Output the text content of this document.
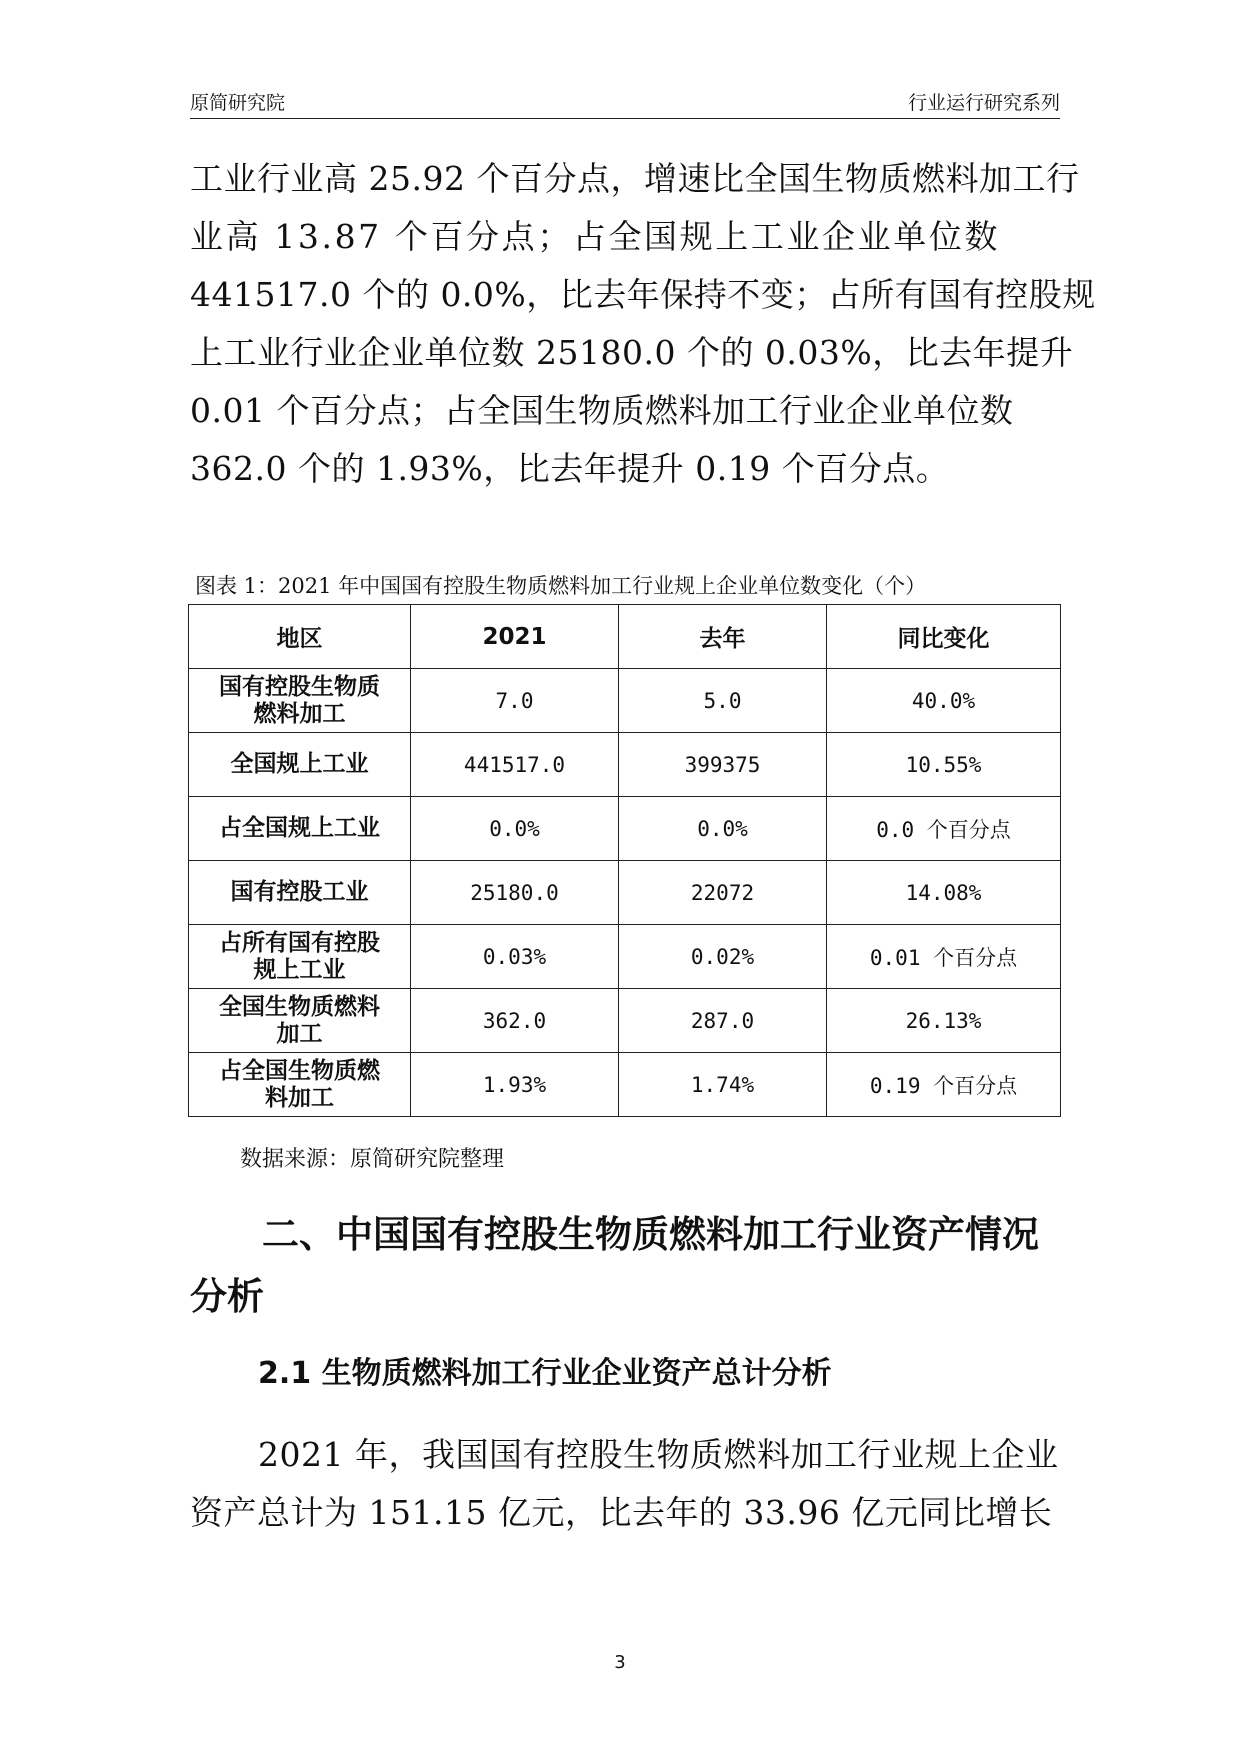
原简研究院	行业运行研究系列
工业行业高 25.92 个百分点，增速比全国生物质燃料加工行
业高 13.87 个百分点；占全国规上工业企业单位数
441517.0 个的 0.0%，比去年保持不变；占所有国有控股规
上工业行业企业单位数 25180.0 个的 0.03%，比去年提升
0.01 个百分点；占全国生物质燃料加工行业企业单位数
362.0 个的 1.93%，比去年提升 0.19 个百分点。
图表 1：2021 年中国国有控股生物质燃料加工行业规上企业单位数变化（个）
地区	2021	去年	同比变化
国有控股生物质燃料加工	7.0	5.0	40.0%
全国规上工业	441517.0	399375	10.55%
占全国规上工业	0.0%	0.0%	0.0 个百分点
国有控股工业	25180.0	22072	14.08%
占所有国有控股规上工业	0.03%	0.02%	0.01 个百分点
全国生物质燃料加工	362.0	287.0	26.13%
占全国生物质燃料加工	1.93%	1.74%	0.19 个百分点
数据来源：原简研究院整理
二、中国国有控股生物质燃料加工行业资产情况
分析
2.1 生物质燃料加工行业企业资产总计分析
2021 年，我国国有控股生物质燃料加工行业规上企业
资产总计为 151.15 亿元，比去年的 33.96 亿元同比增长
3
